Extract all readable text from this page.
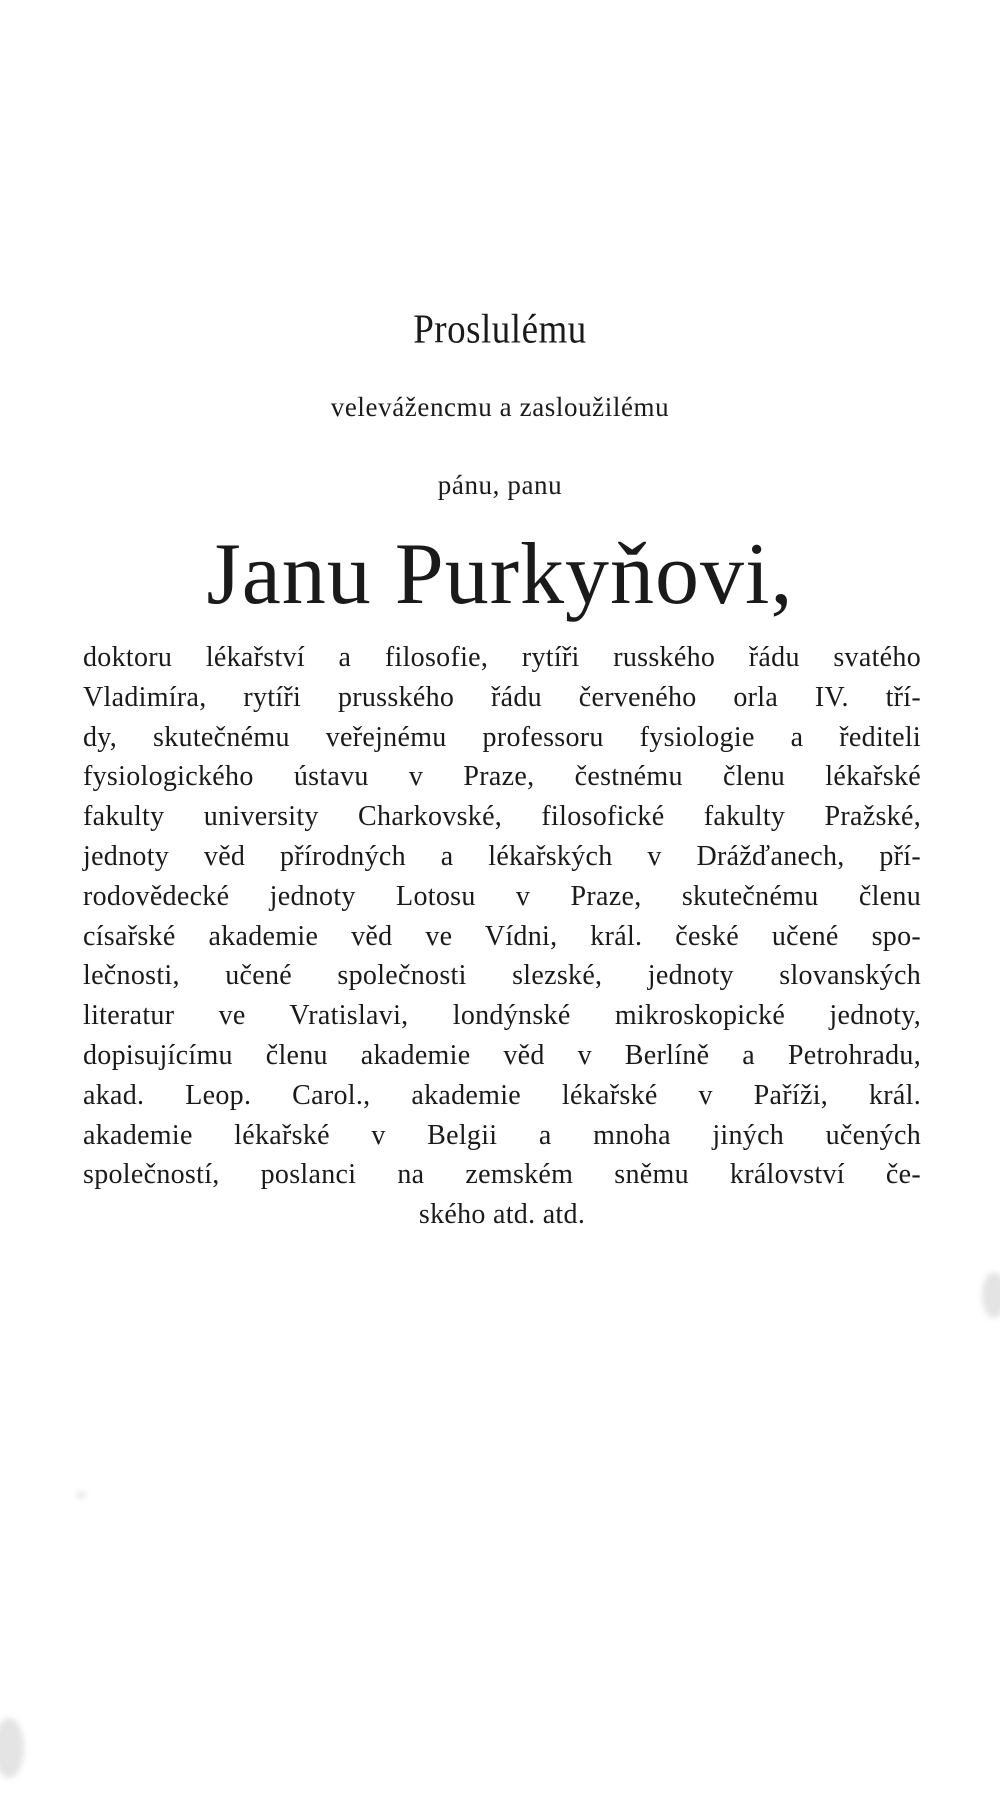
Proslulému
velevážencmu a zasloužilému
pánu, panu
Janu Purkyňovi,
doktoru lékařství a filosofie, rytíři rusského řádu svatého
Vladimíra, rytíři prusského řádu červeného orla IV. tří-
dy, skutečnému veřejnému professoru fysiologie a řediteli
fysiologického ústavu v Praze, čestnému členu lékařské
fakulty university Charkovské, filosofické fakulty Pražské,
jednoty věd přírodných a lékařských v Drážďanech, pří-
rodovědecké jednoty Lotosu v Praze, skutečnému členu
císařské akademie věd ve Vídni, král. české učené spo-
lečnosti, učené společnosti slezské, jednoty slovanských
literatur ve Vratislavi, londýnské mikroskopické jednoty,
dopisujícímu členu akademie věd v Berlíně a Petrohradu,
akad. Leop. Carol., akademie lékařské v Paříži, král.
akademie lékařské v Belgii a mnoha jiných učených
společností, poslanci na zemském sněmu království če-
ského atd. atd.
